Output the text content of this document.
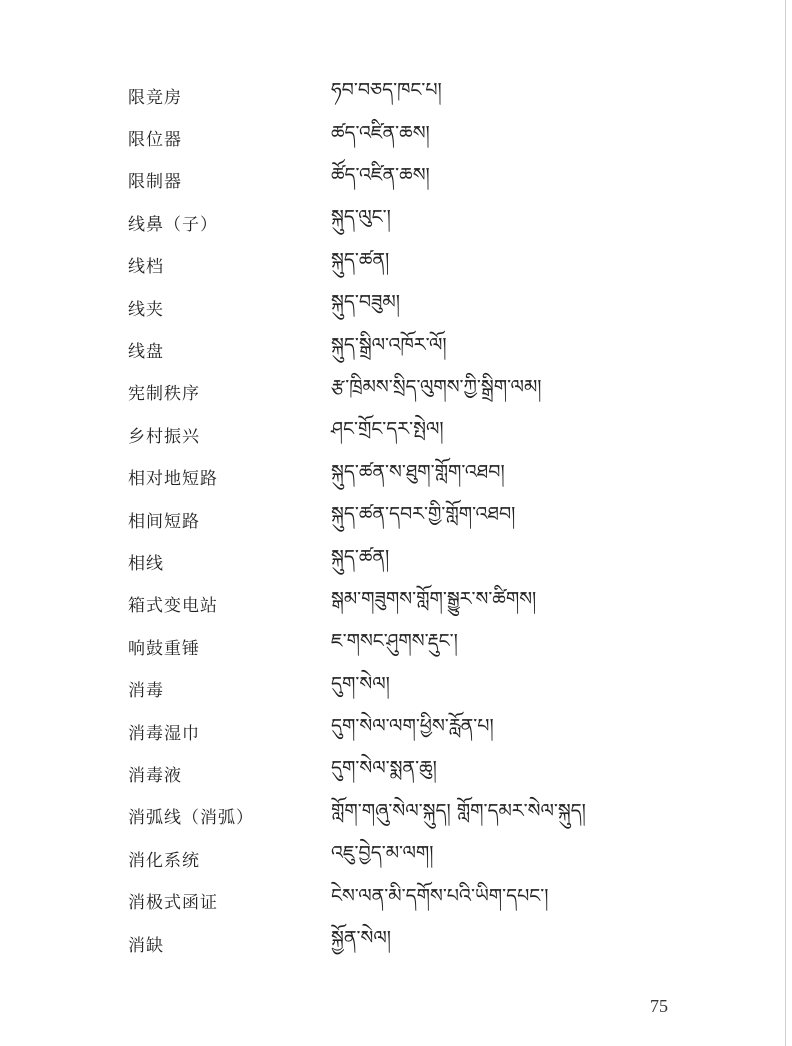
限竞房	ཧབ་བཅད་ཁང་པ།
限位器	ཚད་འཛིན་ཆས།
限制器	ཚོད་འཛིན་ཆས།
线鼻（子）	སྐུད་ལུང་།
线档	སྐུད་ཚན།
线夹	སྐུད་བཟུམ།
线盘	སྐུད་སྒྲིལ་འཁོར་ལོ།
宪制秩序	རྩ་ཁྲིམས་སྲིད་ལུགས་ཀྱི་སྒྲིག་ལམ།
乡村振兴	ཤང་གྲོང་དར་སྤེལ།
相对地短路	སྐུད་ཚན་ས་ཐུག་གློག་འཐབ།
相间短路	སྐུད་ཚན་དབར་གྱི་གློག་འཐབ།
相线	སྐུད་ཚན།
箱式变电站	སྒམ་གཟུགས་གློག་སྒྱུར་ས་ཚིགས།
响鼓重锤	ཇ་གསང་ཤུགས་རྡུང་།
消毒	དུག་སེལ།
消毒湿巾	དུག་སེལ་ལག་ཕྱིས་རློན་པ།
消毒液	དུག་སེལ་སྨན་ཆུ།
消弧线（消弧）	གློག་གཞུ་སེལ་སྐུད། གློག་དམར་སེལ་སྐུད།
消化系统	འཇུ་བྱེད་མ་ལག།
消极式函证	ངེས་ལན་མི་དགོས་པའི་ཡིག་དཔང་།
消缺	སྐྱོན་སེལ།
75
